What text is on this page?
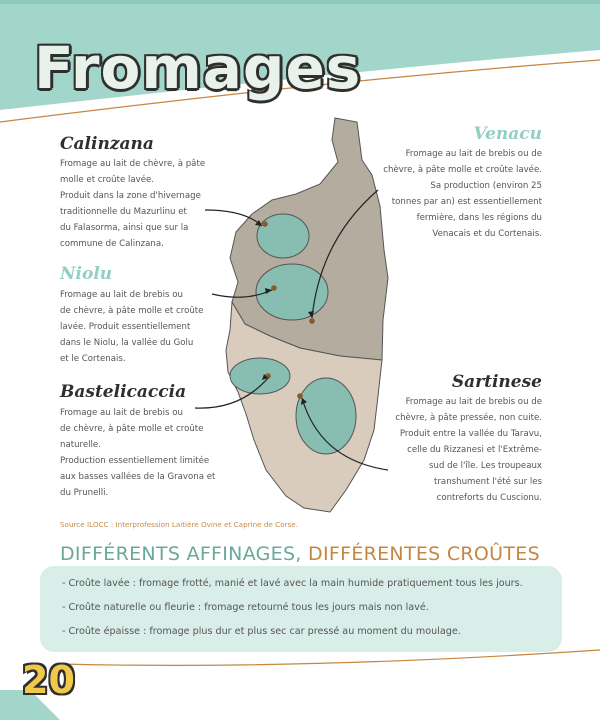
Fromages
Calinzana
Fromage au lait de chèvre, à pâte
molle et croûte lavée.
Produit dans la zone d'hivernage
traditionnelle du Mazurlinu et
du Falasorma, ainsi que sur la
commune de Calinzana.
Niolu
Fromage au lait de brebis ou
de chèvre, à pâte molle et croûte
lavée. Produit essentiellement
dans le Niolu, la vallée du Golu
et le Cortenais.
Bastelicaccia
Fromage au lait de brebis ou
de chèvre, à pâte molle et croûte
naturelle.
Production essentiellement limitée
aux basses vallées de la Gravona et
du Prunelli.
Venacu
Fromage au lait de brebis ou de
chèvre, à pâte molle et croûte lavée.
Sa production (environ 25
tonnes par an) est essentiellement
fermière, dans les régions du
Venacais et du Cortenais.
Sartinese
Fromage au lait de brebis ou de
chèvre, à pâte pressée, non cuite.
Produit entre la vallée du Taravu,
celle du Rizzanesi et l'Extrême-
sud de l'île. Les troupeaux
transhument l'été sur les
contreforts du Cuscionu.
Source ILOCC : Interprofession Laitière Ovine et Caprine de Corse.
DIFFÉRENTS AFFINAGES, DIFFÉRENTES CROÛTES
- Croûte lavée : fromage frotté, manié et lavé avec la main humide pratiquement tous les jours.
- Croûte naturelle ou fleurie : fromage retourné tous les jours mais non lavé.
- Croûte épaisse : fromage plus dur et plus sec car pressé au moment du moulage.
20
